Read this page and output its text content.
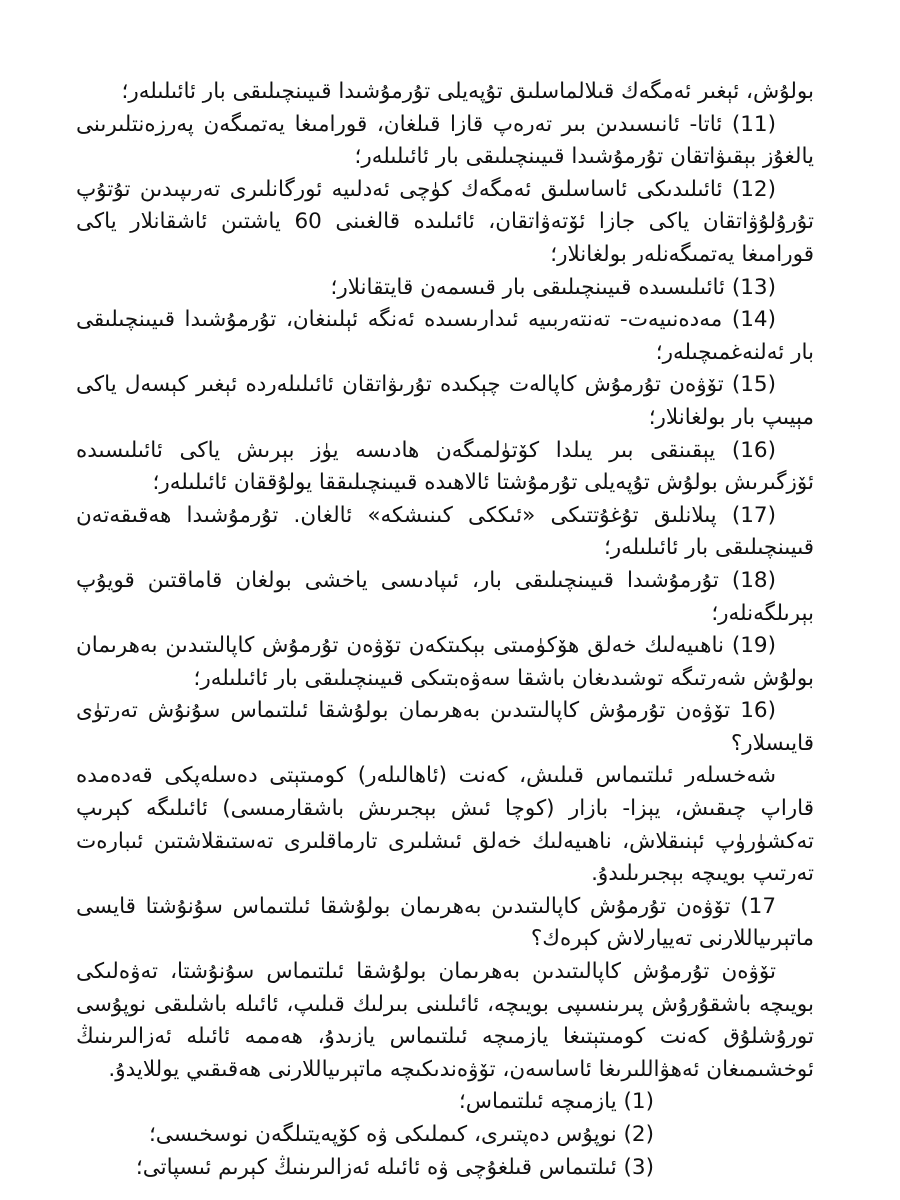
بولۇش، ئېغىر ئەمگەك قىلالماسلىق تۇپەيلى تۇرمۇشىدا قىيىنچىلىقى بار ئائىلىلەر؛

(11) ئاتا- ئانىسىدىن بىر تەرەپ قازا قىلغان، قورامىغا يەتمىگەن پەرزەنتلىرىنى يالغۇز بېقىۋاتقان تۇرمۇشىدا قىيىنچىلىقى بار ئائىلىلەر؛

(12) ئائىلىدىكى ئاساسلىق ئەمگەك كۈچى ئەدلىيە ئورگانلىرى تەرىپىدىن تۇتۇپ تۇرۇلۇۋاتقان ياكى جازا ئۆتەۋاتقان، ئائىلىدە قالغىنى 60 ياشتىن ئاشقانلار ياكى قورامىغا يەتمىگەنلەر بولغانلار؛

(13) ئائىلىسىدە قىيىنچىلىقى بار قىسمەن قايتقانلار؛

(14) مەدەنىيەت- تەنتەربىيە ئىدارىسىدە ئەنگە ئېلىنغان، تۇرمۇشىدا قىيىنچىلىقى بار ئەلنەغمىچىلەر؛

(15) تۆۋەن تۇرمۇش كاپالەت چېكىدە تۇرىۋاتقان ئائىلىلەردە ئېغىر كېسەل ياكى مېيىپ بار بولغانلار؛

(16) يېقىنقى بىر يىلدا كۆتۈلمىگەن ھادىسە يۈز بېرىش ياكى ئائىلىسىدە ئۆزگىرىش بولۇش تۇپەيلى تۇرمۇشتا ئالاھىدە قىيىنچىلىققا يولۇققان ئائىلىلەر؛

(17) پىلانلىق تۇغۇتتىكى «ئىككى كىنىشكە» ئالغان. تۇرمۇشىدا ھەقىقەتەن قىيىنچىلىقى بار ئائىلىلەر؛

(18) تۇرمۇشىدا قىيىنچىلىقى بار، ئىپادىسى ياخشى بولغان قاماقتىن قويۇپ بېرىلگەنلەر؛

(19) ناھىيەلىك خەلق ھۆكۈمىتى بېكىتكەن تۆۋەن تۇرمۇش كاپالىتىدىن بەھرىمان بولۇش شەرتىگە توشىدىغان باشقا سەۋەبتىكى قىيىنچىلىقى بار ئائىلىلەر؛

(16 تۆۋەن تۇرمۇش كاپالىتىدىن بەھرىمان بولۇشقا ئىلتىماس سۇنۇش تەرتۈى قايىسلار؟

شەخسلەر ئىلتىماس قىلىش، كەنت (ئاھالىلەر) كومىتېتى دەسلەپكى قەدەمدە قاراپ چىقىش، يېزا- بازار (كوچا ئىش بېجىرىش باشقارمىسى) ئائىلىگە كېرىپ تەكشۈرۈپ ئېنىقلاش، ناھىيەلىك خەلق ئىشلىرى تارماقلىرى تەستىقلاشتىن ئىبارەت تەرتىپ بويىچە بېجىرىلىدۇ.

17) تۆۋەن تۇرمۇش كاپالىتىدىن بەھرىمان بولۇشقا ئىلتىماس سۇنۇشتا قايسى ماتېرىياللارنى تەييارلاش كېرەك؟

تۆۋەن تۇرمۇش كاپالىتىدىن بەھرىمان بولۇشقا ئىلتىماس سۇنۇشتا، تەۋەلىكى بويىچە باشقۇرۇش پىرىنسىپى بويىچە، ئائىلىنى بىرلىك قىلىپ، ئائىلە باشلىقى نوپۇسى تورۇشلۇق كەنت كومىتېتىغا يازمىچە ئىلتىماس يازىدۇ، ھەممە ئائىلە ئەزالىرىنىڭ ئوخشىمىغان ئەھۋاللىرىغا ئاساسەن، تۆۋەندىكىچە ماتېرىياللارنى ھەقىقىي يوللايدۇ.

(1) يازمىچە ئىلتىماس؛

(2) نوپۇس دەپتىرى، كىملىكى ۋە كۆپەيتىلگەن نوسخىسى؛

(3) ئىلتىماس قىلغۇچى ۋە ئائىلە ئەزالىرىنىڭ كېرىم ئىسپاتى؛
